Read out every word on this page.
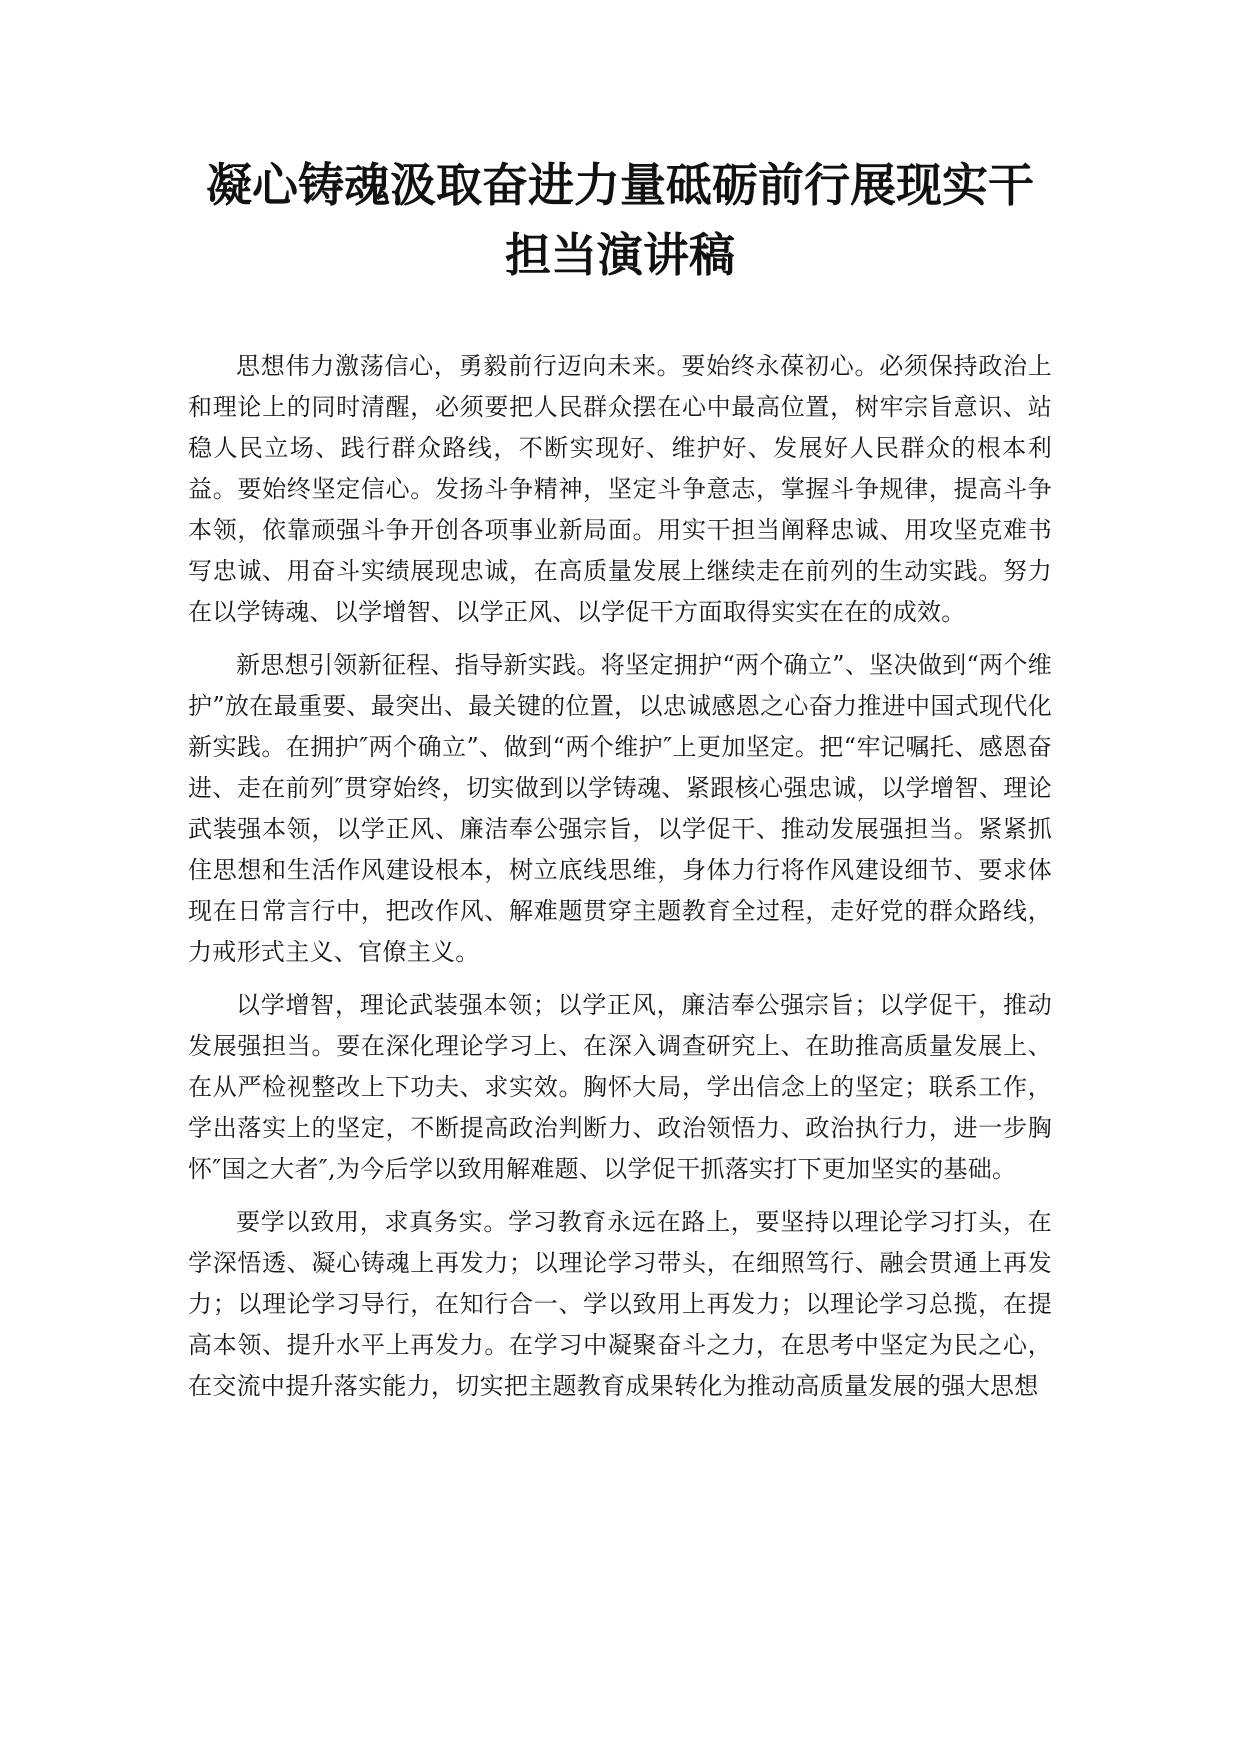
凝心铸魂汲取奋进力量砥砺前行展现实干
担当演讲稿

思想伟力激荡信心，勇毅前行迈向未来。要始终永葆初心。必须保持政治上和理论上的同时清醒，必须要把人民群众摆在心中最高位置，树牢宗旨意识、站稳人民立场、践行群众路线，不断实现好、维护好、发展好人民群众的根本利益。要始终坚定信心。发扬斗争精神，坚定斗争意志，掌握斗争规律，提高斗争本领，依靠顽强斗争开创各项事业新局面。用实干担当阐释忠诚、用攻坚克难书写忠诚、用奋斗实绩展现忠诚，在高质量发展上继续走在前列的生动实践。努力在以学铸魂、以学增智、以学正风、以学促干方面取得实实在在的成效。

新思想引领新征程、指导新实践。将坚定拥护“两个确立”、坚决做到“两个维护”放在最重要、最突出、最关键的位置，以忠诚感恩之心奋力推进中国式现代化新实践。在拥护″两个确立”、做到“两个维护″上更加坚定。把“牢记嘱托、感恩奋进、走在前列″贯穿始终，切实做到以学铸魂、紧跟核心强忠诚，以学增智、理论武装强本领，以学正风、廉洁奉公强宗旨，以学促干、推动发展强担当。紧紧抓住思想和生活作风建设根本，树立底线思维，身体力行将作风建设细节、要求体现在日常言行中，把改作风、解难题贯穿主题教育全过程，走好党的群众路线，力戒形式主义、官僚主义。

以学增智，理论武装强本领；以学正风，廉洁奉公强宗旨；以学促干，推动发展强担当。要在深化理论学习上、在深入调查研究上、在助推高质量发展上、在从严检视整改上下功夫、求实效。胸怀大局，学出信念上的坚定；联系工作，学出落实上的坚定，不断提高政治判断力、政治领悟力、政治执行力，进一步胸怀″国之大者″,为今后学以致用解难题、以学促干抓落实打下更加坚实的基础。

要学以致用，求真务实。学习教育永远在路上，要坚持以理论学习打头，在学深悟透、凝心铸魂上再发力；以理论学习带头，在细照笃行、融会贯通上再发力；以理论学习导行，在知行合一、学以致用上再发力；以理论学习总揽，在提高本领、提升水平上再发力。在学习中凝聚奋斗之力，在思考中坚定为民之心，在交流中提升落实能力，切实把主题教育成果转化为推动高质量发展的强大思想
